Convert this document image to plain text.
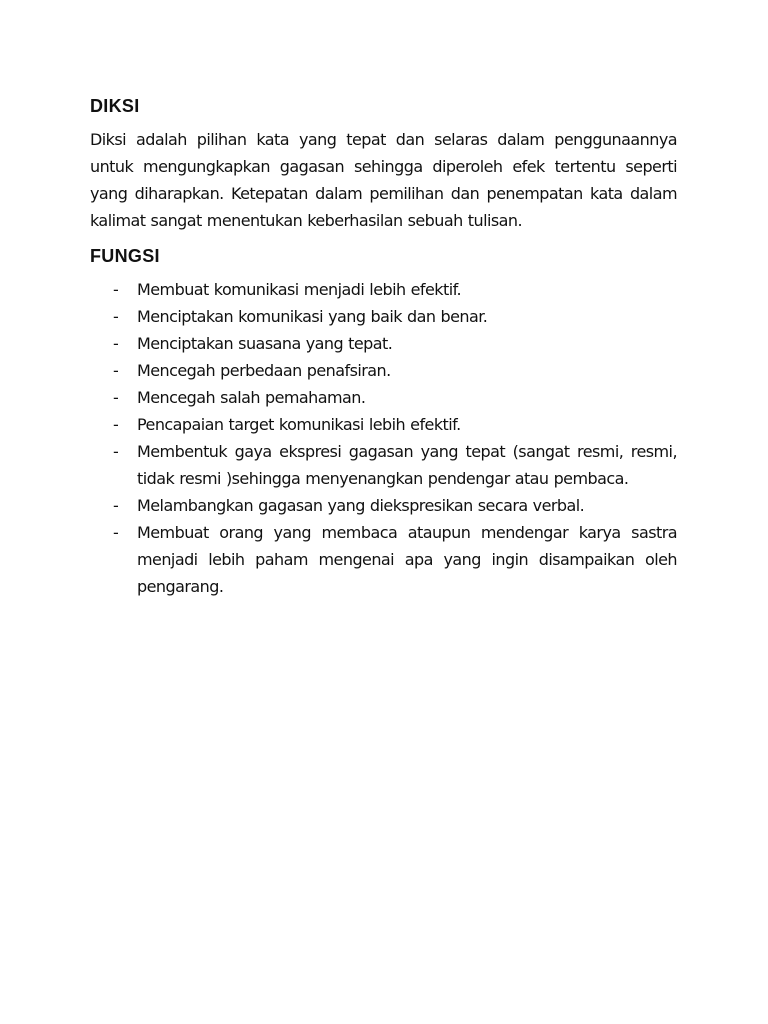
DIKSI

Diksi adalah pilihan kata yang tepat dan selaras dalam penggunaannya untuk mengungkapkan gagasan sehingga diperoleh efek tertentu seperti yang diharapkan. Ketepatan dalam pemilihan dan penempatan kata dalam kalimat sangat menentukan keberhasilan sebuah tulisan.

FUNGSI
- Membuat komunikasi menjadi lebih efektif.
- Menciptakan komunikasi yang baik dan benar.
- Menciptakan suasana yang tepat.
- Mencegah perbedaan penafsiran.
- Mencegah salah pemahaman.
- Pencapaian target komunikasi lebih efektif.
- Membentuk gaya ekspresi gagasan yang tepat (sangat resmi, resmi, tidak resmi )sehingga menyenangkan pendengar atau pembaca.
- Melambangkan gagasan yang diekspresikan secara verbal.
- Membuat orang yang membaca ataupun mendengar karya sastra menjadi lebih paham mengenai apa yang ingin disampaikan oleh pengarang.
